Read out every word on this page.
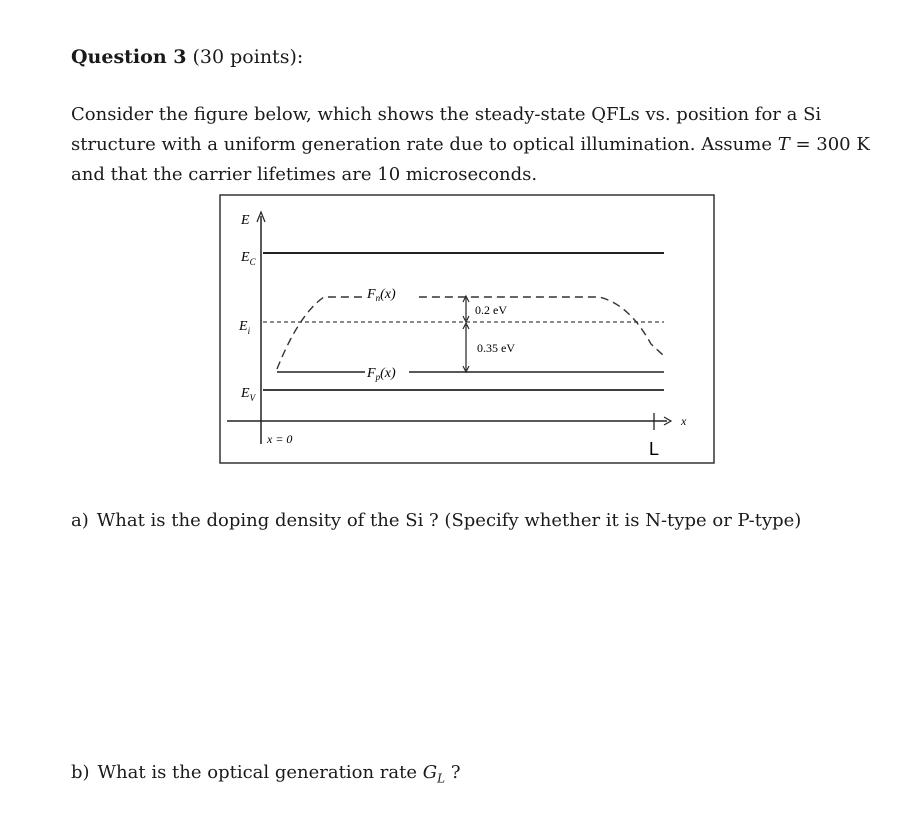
Question 3 (30 points):
Consider the figure below, which shows the steady-state QFLs vs. position for a Si structure with a uniform generation rate due to optical illumination. Assume T = 300 K and that the carrier lifetimes are 10 microseconds.
E
$E_C$
$E_i$
$E_V$
$F_n(x)$
$F_p(x)$
0.2 eV
0.35 eV
x = 0
x
L
a) What is the doping density of the Si ? (Specify whether it is N-type or P-type)
b) What is the optical generation rate $G_L$ ?
